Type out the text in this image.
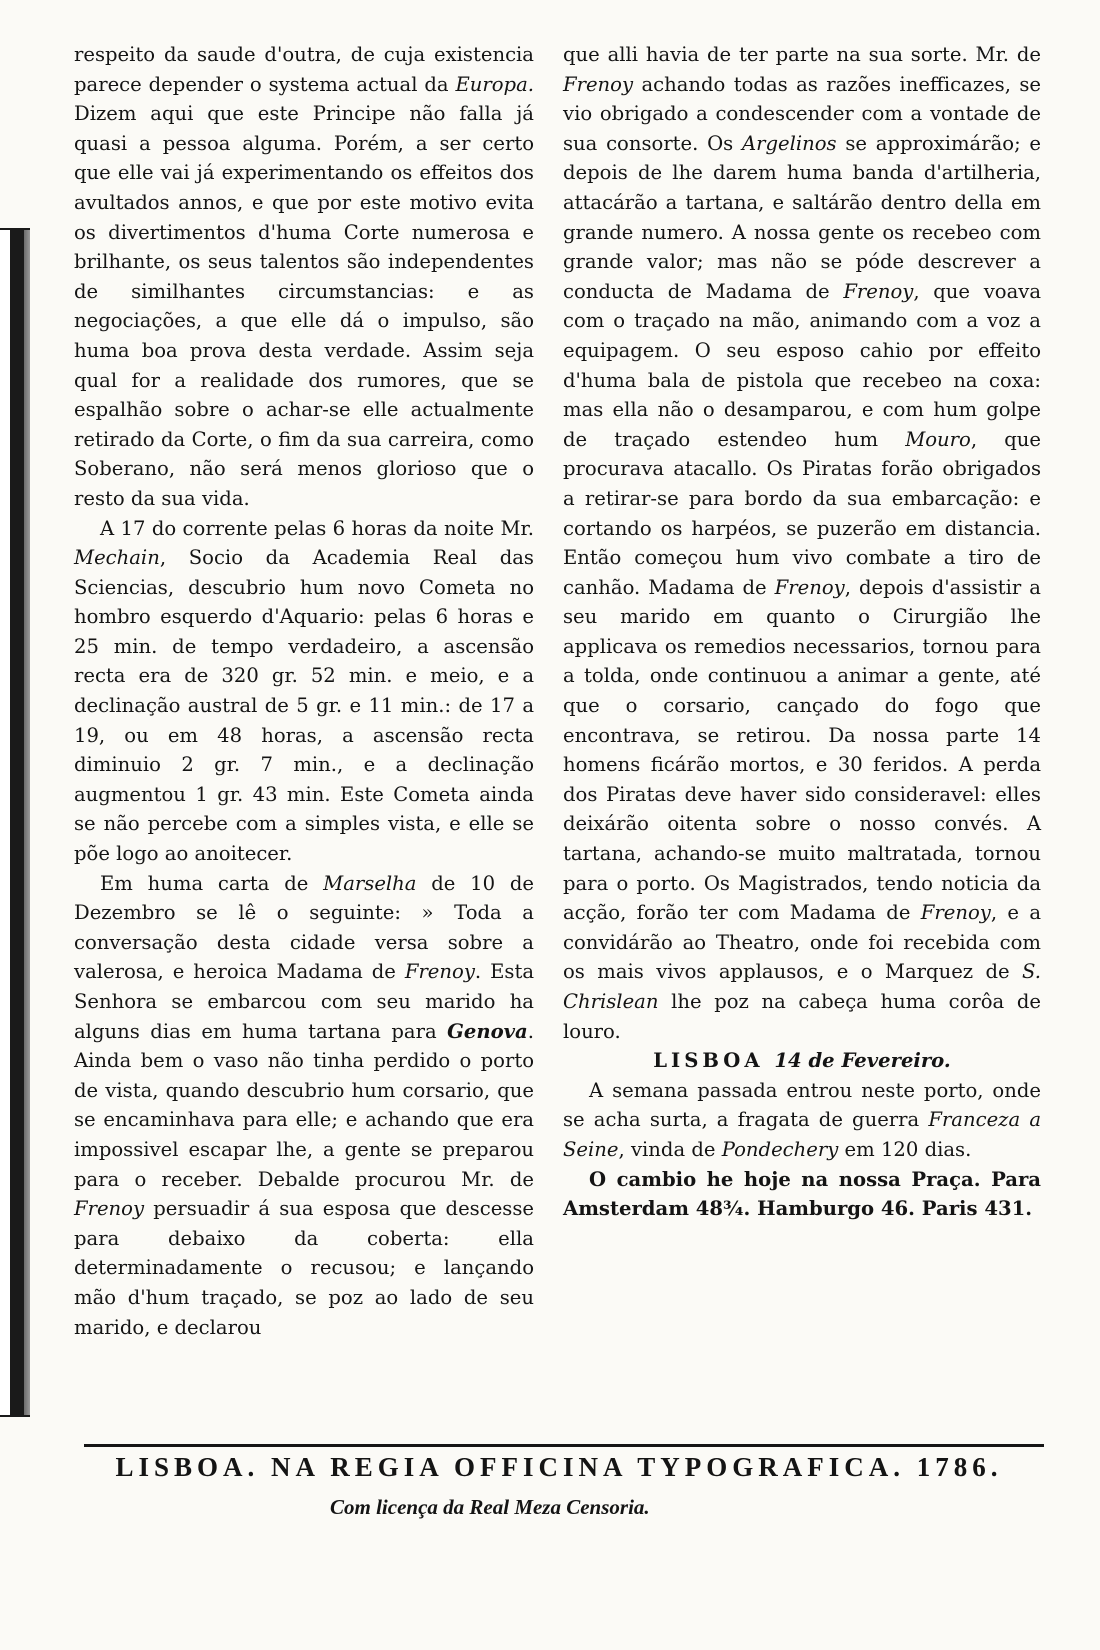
respeito da saude d'outra, de cuja existencia parece depender o systema actual da Europa. Dizem aqui que este Principe não falla já quasi a pessoa alguma. Porém, a ser certo que elle vai já experimentando os effeitos dos avultados annos, e que por este motivo evita os divertimentos d'huma Corte numerosa e brilhante, os seus talentos são independentes de similhantes circumstancias: e as negociações, a que elle dá o impulso, são huma boa prova desta verdade. Assim seja qual for a realidade dos rumores, que se espalhão sobre o achar-se elle actualmente retirado da Corte, o fim da sua carreira, como Soberano, não será menos glorioso que o resto da sua vida.

A 17 do corrente pelas 6 horas da noite Mr. Mechain, Socio da Academia Real das Sciencias, descubrio hum novo Cometa no hombro esquerdo d'Aquario: pelas 6 horas e 25 min. de tempo verdadeiro, a ascensão recta era de 320 gr. 52 min. e meio, e a declinação austral de 5 gr. e 11 min.: de 17 a 19, ou em 48 horas, a ascensão recta diminuio 2 gr. 7 min., e a declinação augmentou 1 gr. 43 min. Este Cometa ainda se não percebe com a simples vista, e elle se põe logo ao anoitecer.

Em huma carta de Marselha de 10 de Dezembro se lê o seguinte: » Toda a conversação desta cidade versa sobre a valerosa, e heroica Madama de Frenoy. Esta Senhora se embarcou com seu marido ha alguns dias em huma tartana para Genova. Ainda bem o vaso não tinha perdido o porto de vista, quando descubrio hum corsario, que se encaminhava para elle; e achando que era impossivel escapar lhe, a gente se preparou para o receber. Debalde procurou Mr. de Frenoy persuadir á sua esposa que descesse para debaixo da coberta: ella determinadamente o recusou; e lançando mão d'hum traçado, se poz ao lado de seu marido, e declarou

que alli havia de ter parte na sua sorte. Mr. de Frenoy achando todas as razões inefficazes, se vio obrigado a condescender com a vontade de sua consorte. Os Argelinos se approximárão; e depois de lhe darem huma banda d'artilheria, attacárão a tartana, e saltárão dentro della em grande numero. A nossa gente os recebeo com grande valor; mas não se póde descrever a conducta de Madama de Frenoy, que voava com o traçado na mão, animando com a voz a equipagem. O seu esposo cahio por effeito d'huma bala de pistola que recebeo na coxa: mas ella não o desamparou, e com hum golpe de traçado estendeo hum Mouro, que procurava atacallo. Os Piratas forão obrigados a retirar-se para bordo da sua embarcação: e cortando os harpéos, se puzerão em distancia. Então começou hum vivo combate a tiro de canhão. Madama de Frenoy, depois d'assistir a seu marido em quanto o Cirurgião lhe applicava os remedios necessarios, tornou para a tolda, onde continuou a animar a gente, até que o corsario, cançado do fogo que encontrava, se retirou. Da nossa parte 14 homens ficárão mortos, e 30 feridos. A perda dos Piratas deve haver sido consideravel: elles deixárão oitenta sobre o nosso convés. A tartana, achando-se muito maltratada, tornou para o porto. Os Magistrados, tendo noticia da acção, forão ter com Madama de Frenoy, e a convidárão ao Theatro, onde foi recebida com os mais vivos applausos, e o Marquez de S. Chrislean lhe poz na cabeça huma corôa de louro.

LISBOA 14 de Fevereiro.

A semana passada entrou neste porto, onde se acha surta, a fragata de guerra Franceza a Seine, vinda de Pondechery em 120 dias.

O cambio he hoje na nossa Praça. Para Amsterdam 48¾. Hamburgo 46. Paris 431.

LISBOA. NA REGIA OFFICINA TYPOGRAFICA. 1786.
Com licença da Real Meza Censoria.
